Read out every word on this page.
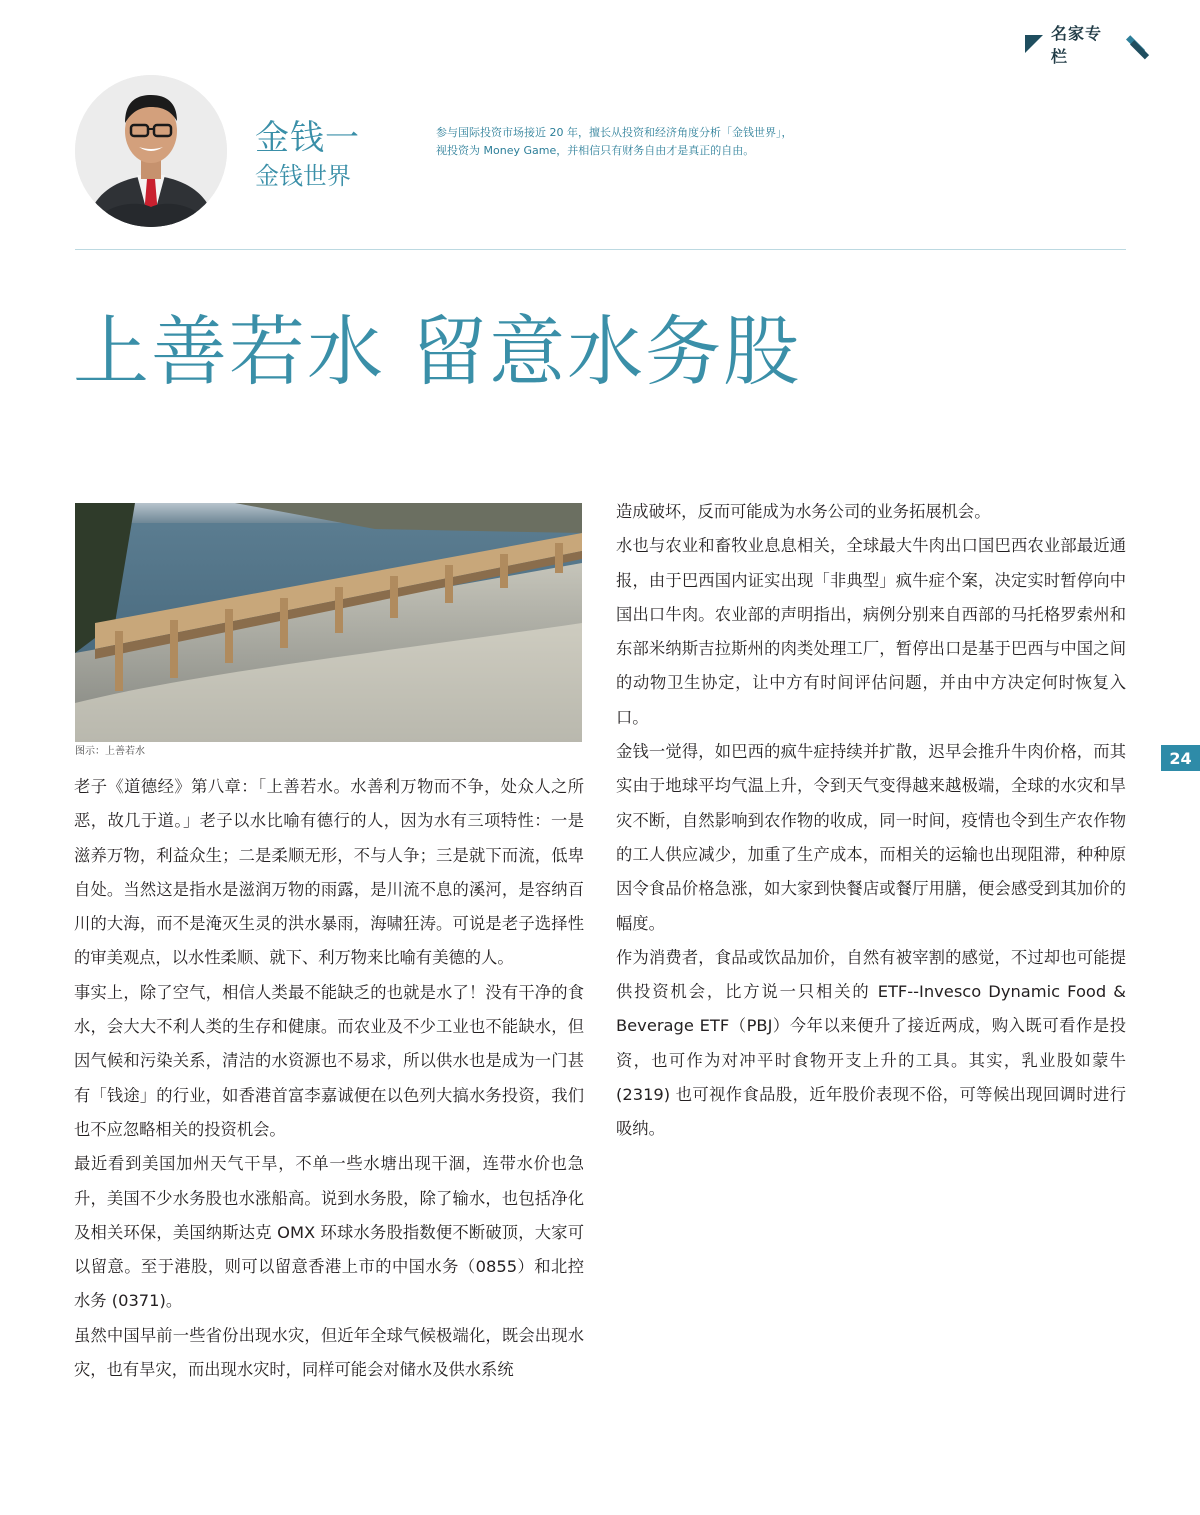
名家专栏
金钱一
金钱世界
参与国际投资市场接近 20 年，擅长从投资和经济角度分析「金钱世界」，
视投资为 Money Game，并相信只有财务自由才是真正的自由。
上善若水 留意水务股
图示：上善若水

老子《道德经》第八章：「上善若水。水善利万物而不争，处众人之所恶，故几于道。」老子以水比喻有德行的人，因为水有三项特性：一是滋养万物，利益众生；二是柔顺无形，不与人争；三是就下而流，低卑自处。当然这是指水是滋润万物的雨露，是川流不息的溪河，是容纳百川的大海，而不是淹灭生灵的洪水暴雨，海啸狂涛。可说是老子选择性的审美观点，以水性柔顺、就下、利万物来比喻有美德的人。

事实上，除了空气，相信人类最不能缺乏的也就是水了！没有干净的食水，会大大不利人类的生存和健康。而农业及不少工业也不能缺水，但因气候和污染关系，清洁的水资源也不易求，所以供水也是成为一门甚有「钱途」的行业，如香港首富李嘉诚便在以色列大搞水务投资，我们也不应忽略相关的投资机会。

最近看到美国加州天气干旱，不单一些水塘出现干涸，连带水价也急升，美国不少水务股也水涨船高。说到水务股，除了输水，也包括净化及相关环保，美国纳斯达克 OMX 环球水务股指数便不断破顶，大家可以留意。至于港股，则可以留意香港上市的中国水务（0855）和北控水务 (0371)。

虽然中国早前一些省份出现水灾，但近年全球气候极端化，既会出现水灾，也有旱灾，而出现水灾时，同样可能会对储水及供水系统

造成破坏，反而可能成为水务公司的业务拓展机会。

水也与农业和畜牧业息息相关，全球最大牛肉出口国巴西农业部最近通报，由于巴西国内证实出现「非典型」疯牛症个案，决定实时暂停向中国出口牛肉。农业部的声明指出，病例分别来自西部的马托格罗索州和东部米纳斯吉拉斯州的肉类处理工厂，暂停出口是基于巴西与中国之间的动物卫生协定，让中方有时间评估问题，并由中方决定何时恢复入口。

金钱一觉得，如巴西的疯牛症持续并扩散，迟早会推升牛肉价格，而其实由于地球平均气温上升，令到天气变得越来越极端，全球的水灾和旱灾不断，自然影响到农作物的收成，同一时间，疫情也令到生产农作物的工人供应减少，加重了生产成本，而相关的运输也出现阻滞，种种原因令食品价格急涨，如大家到快餐店或餐厅用膳，便会感受到其加价的幅度。

作为消费者，食品或饮品加价，自然有被宰割的感觉，不过却也可能提供投资机会，比方说一只相关的 ETF--Invesco Dynamic Food & Beverage ETF（PBJ）今年以来便升了接近两成，购入既可看作是投资，也可作为对冲平时食物开支上升的工具。其实，乳业股如蒙牛 (2319) 也可视作食品股，近年股价表现不俗，可等候出现回调时进行吸纳。

24
